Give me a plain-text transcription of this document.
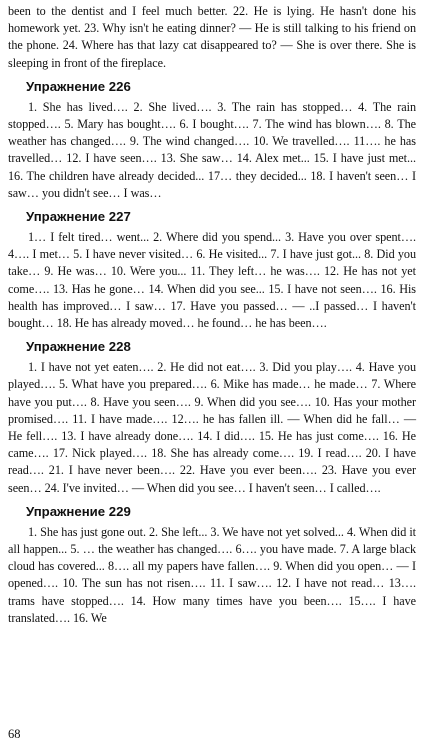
been to the dentist and I feel much better. 22. He is lying. He hasn't done his homework yet. 23. Why isn't he eating dinner? — He is still talking to his friend on the phone. 24. Where has that lazy cat disappeared to? — She is over there. She is sleeping in front of the fireplace.

Упражнение 226

1. She has lived…. 2. She lived…. 3. The rain has stopped… 4. The rain stopped…. 5. Mary has bought…. 6. I bought…. 7. The wind has blown…. 8. The weather has changed…. 9. The wind changed…. 10. We travelled…. 11…. he has travelled… 12. I have seen…. 13. She saw… 14. Alex met... 15. I have just met... 16. The children have already decided... 17… they decided... 18. I haven't seen… I saw… you didn't see… I was…

Упражнение 227

1… I felt tired… went... 2. Where did you spend... 3. Have you over spent…. 4…. I met… 5. I have never visited… 6. He visited... 7. I have just got... 8. Did you take… 9. He was… 10. Were you... 11. They left… he was…. 12. He has not yet come…. 13. Has he gone… 14. When did you see... 15. I have not seen…. 16. His health has improved… I saw… 17. Have you passed… — ..I passed… I haven't bought… 18. He has already moved… he found… he has been….

Упражнение 228

1. I have not yet eaten…. 2. He did not eat…. 3. Did you play…. 4. Have you played…. 5. What have you prepared…. 6. Mike has made… he made… 7. Where have you put…. 8. Have you seen…. 9. When did you see…. 10. Has your mother promised…. 11. I have made…. 12…. he has fallen ill. — When did he fall… — He fell…. 13. I have already done…. 14. I did…. 15. He has just come…. 16. He came…. 17. Nick played…. 18. She has already come…. 19. I read…. 20. I have read…. 21. I have never been…. 22. Have you ever been…. 23. Have you ever seen… 24. I've invited… — When did you see… I haven't seen… I called….

Упражнение 229

1. She has just gone out. 2. She left... 3. We have not yet solved... 4. When did it all happen... 5. … the weather has changed…. 6…. you have made. 7. A large black cloud has covered... 8…. all my papers have fallen…. 9. When did you open… — I opened…. 10. The sun has not risen…. 11. I saw…. 12. I have not read… 13…. trams have stopped…. 14. How many times have you been…. 15…. I have translated…. 16. We

68
